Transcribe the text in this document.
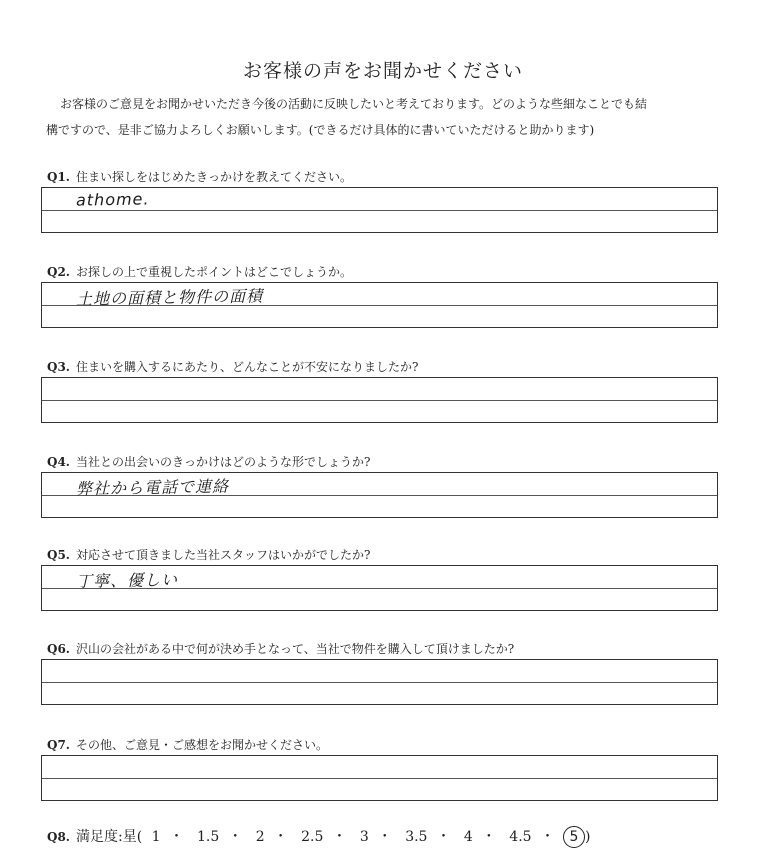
お客様の声をお聞かせください
お客様のご意見をお聞かせいただき今後の活動に反映したいと考えております。どのような些細なことでも結
構ですので、是非ご協力よろしくお願いします。(できるだけ具体的に書いていただけると助かります)
Q1. 住まい探しをはじめたきっかけを教えてください。
athome.
Q2. お探しの上で重視したポイントはどこでしょうか。
土地の面積と物件の面積
Q3. 住まいを購入するにあたり、どんなことが不安になりましたか?
Q4. 当社との出会いのきっかけはどのような形でしょうか?
弊社から電話で連絡
Q5. 対応させて頂きました当社スタッフはいかがでしたか?
丁寧、優しい
Q6. 沢山の会社がある中で何が決め手となって、当社で物件を購入して頂けましたか?
Q7. その他、ご意見・ご感想をお聞かせください。
Q8. 満足度:星( 1 ・ 1.5 ・ 2 ・ 2.5 ・ 3 ・ 3.5 ・ 4 ・ 4.5 ・ 5 )
